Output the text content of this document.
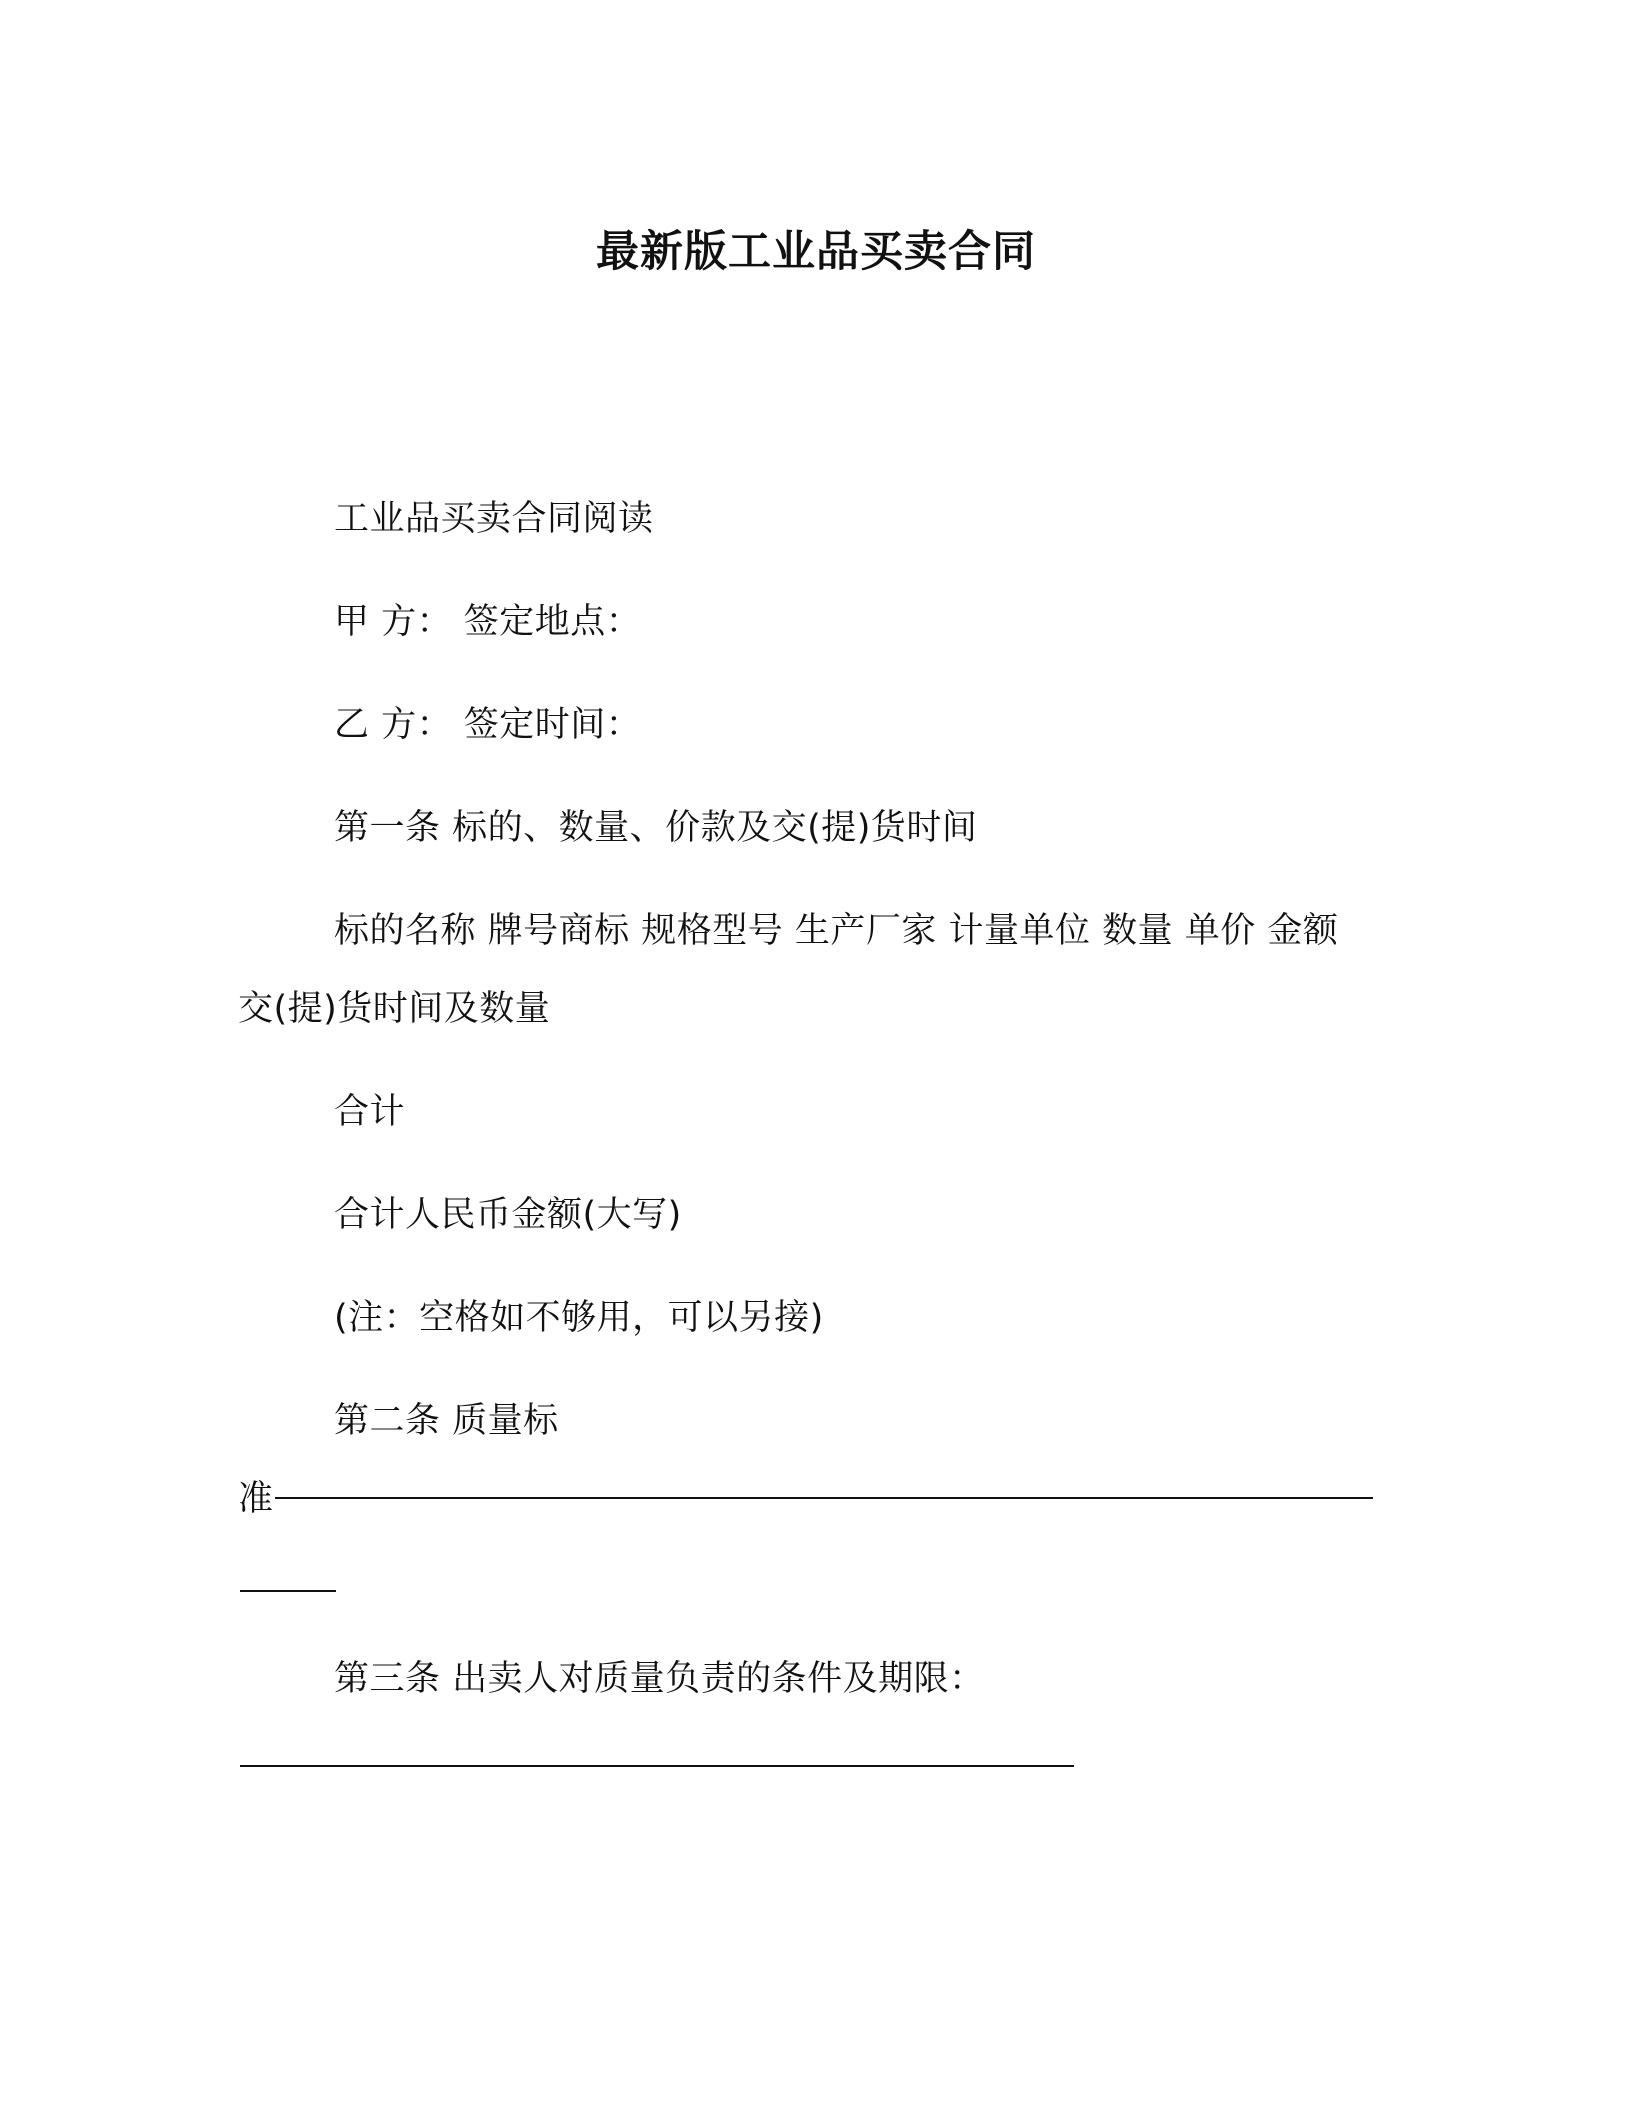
最新版工业品买卖合同
工业品买卖合同阅读
甲 方： 签定地点：
乙 方： 签定时间：
第一条 标的、数量、价款及交(提)货时间
标的名称 牌号商标 规格型号 生产厂家 计量单位 数量 单价 金额
交(提)货时间及数量
合计
合计人民币金额(大写)
(注：空格如不够用，可以另接)
第二条 质量标
准
第三条 出卖人对质量负责的条件及期限：
